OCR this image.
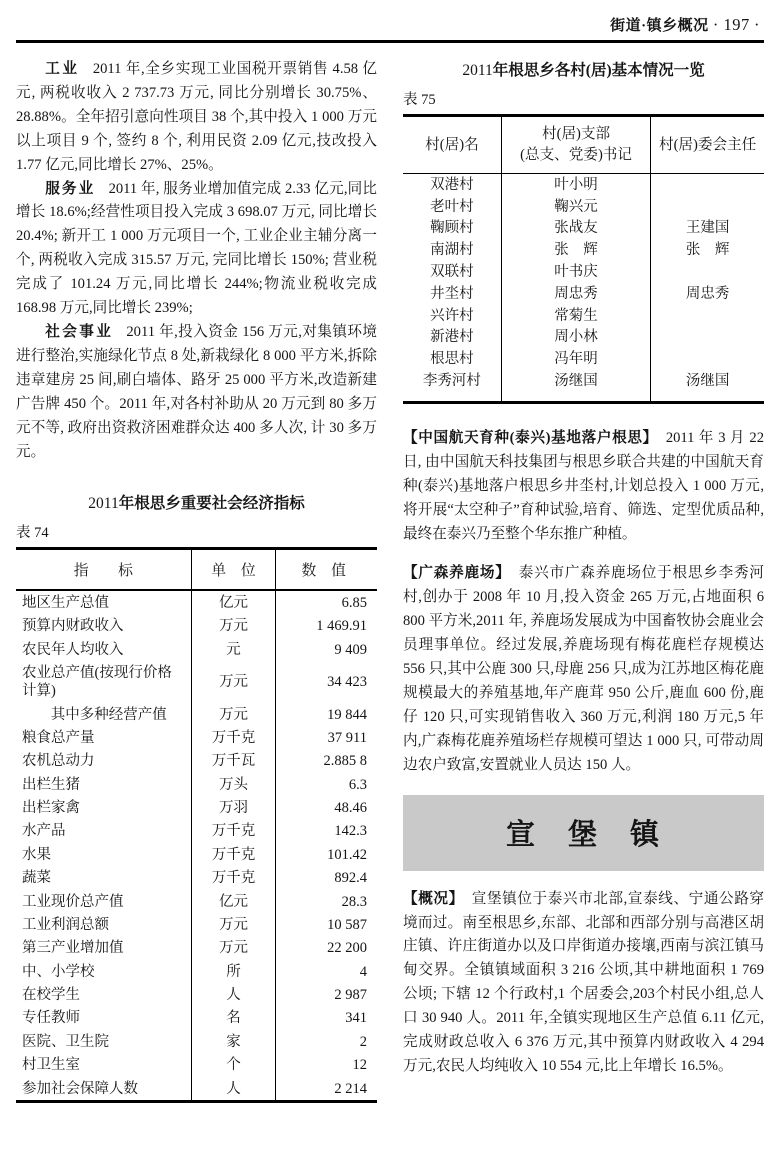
街道·镇乡概况 · 197 ·

工业 2011 年,全乡实现工业国税开票销售 4.58 亿元, 两税收收入 2 737.73 万元, 同比分别增长 30.75%、28.88%。全年招引意向性项目 38 个,其中投入 1 000 万元以上项目 9 个, 签约 8 个, 利用民资 2.09 亿元,技改投入 1.77 亿元,同比增长 27%、25%。

服务业 2011 年, 服务业增加值完成 2.33 亿元,同比增长 18.6%;经营性项目投入完成 3 698.07 万元, 同比增长 20.4%; 新开工 1 000 万元项目一个, 工业企业主辅分离一个, 两税收入完成 315.57 万元, 完同比增长 150%; 营业税完成了 101.24 万元,同比增长 244%;物流业税收完成 168.98 万元,同比增长 239%;

社会事业 2011 年,投入资金 156 万元,对集镇环境进行整治,实施绿化节点 8 处,新栽绿化 8 000 平方米,拆除违章建房 25 间,刷白墙体、路牙 25 000 平方米,改造新建广告牌 450 个。2011 年,对各村补助从 20 万元到 80 多万元不等, 政府出资救济困难群众达 400 多人次, 计 30 多万元。

2011年根思乡重要社会经济指标

表 74
指　　标	单　位	数　值
地区生产总值	亿元	6.85
预算内财政收入	万元	1 469.91
农民年人均收入	元	9 409
农业总产值(按现行价格计算)	万元	34 423
其中多种经营产值	万元	19 844
粮食总产量	万千克	37 911
农机总动力	万千瓦	2.885 8
出栏生猪	万头	6.3
出栏家禽	万羽	48.46
水产品	万千克	142.3
水果	万千克	101.42
蔬菜	万千克	892.4
工业现价总产值	亿元	28.3
工业利润总额	万元	10 587
第三产业增加值	万元	22 200
中、小学校	所	4
在校学生	人	2 987
专任教师	名	341
医院、卫生院	家	2
村卫生室	个	12
参加社会保障人数	人	2 214

2011年根思乡各村(居)基本情况一览

表 75
村(居)名	村(居)支部
(总支、党委)书记	村(居)委会主任
双港村	叶小明	
老叶村	鞠兴元	
鞠顾村	张战友	王建国
南湖村	张　辉	张　辉
双联村	叶书庆	
井坔村	周忠秀	周忠秀
兴许村	常菊生	
新港村	周小林	
根思村	冯年明	
李秀河村	汤继国	汤继国

【中国航天育种(泰兴)基地落户根思】 2011 年 3 月 22 日, 由中国航天科技集团与根思乡联合共建的中国航天育种(泰兴)基地落户根思乡井坔村,计划总投入 1 000 万元,将开展“太空种子”育种试验,培育、筛选、定型优质品种,最终在泰兴乃至整个华东推广种植。

【广森养鹿场】 泰兴市广森养鹿场位于根思乡李秀河村,创办于 2008 年 10 月,投入资金 265 万元,占地面积 6 800 平方米,2011 年, 养鹿场发展成为中国畜牧协会鹿业会员理事单位。经过发展,养鹿场现有梅花鹿栏存规模达 556 只,其中公鹿 300 只,母鹿 256 只,成为江苏地区梅花鹿规模最大的养殖基地,年产鹿茸 950 公斤,鹿血 600 份,鹿仔 120 只,可实现销售收入 360 万元,利润 180 万元,5 年内,广森梅花鹿养殖场栏存规模可望达 1 000 只, 可带动周边农户致富,安置就业人员达 150 人。

宣　堡　镇

【概况】 宣堡镇位于泰兴市北部,宣泰线、宁通公路穿境而过。南至根思乡,东部、北部和西部分别与高港区胡庄镇、许庄街道办以及口岸街道办接壤,西南与滨江镇马甸交界。全镇镇域面积 3 216 公顷,其中耕地面积 1 769 公顷; 下辖 12 个行政村,1 个居委会,203个村民小组,总人口 30 940 人。2011 年,全镇实现地区生产总值 6.11 亿元, 完成财政总收入 6 376 万元,其中预算内财政收入 4 294 万元,农民人均纯收入 10 554 元,比上年增长 16.5%。
